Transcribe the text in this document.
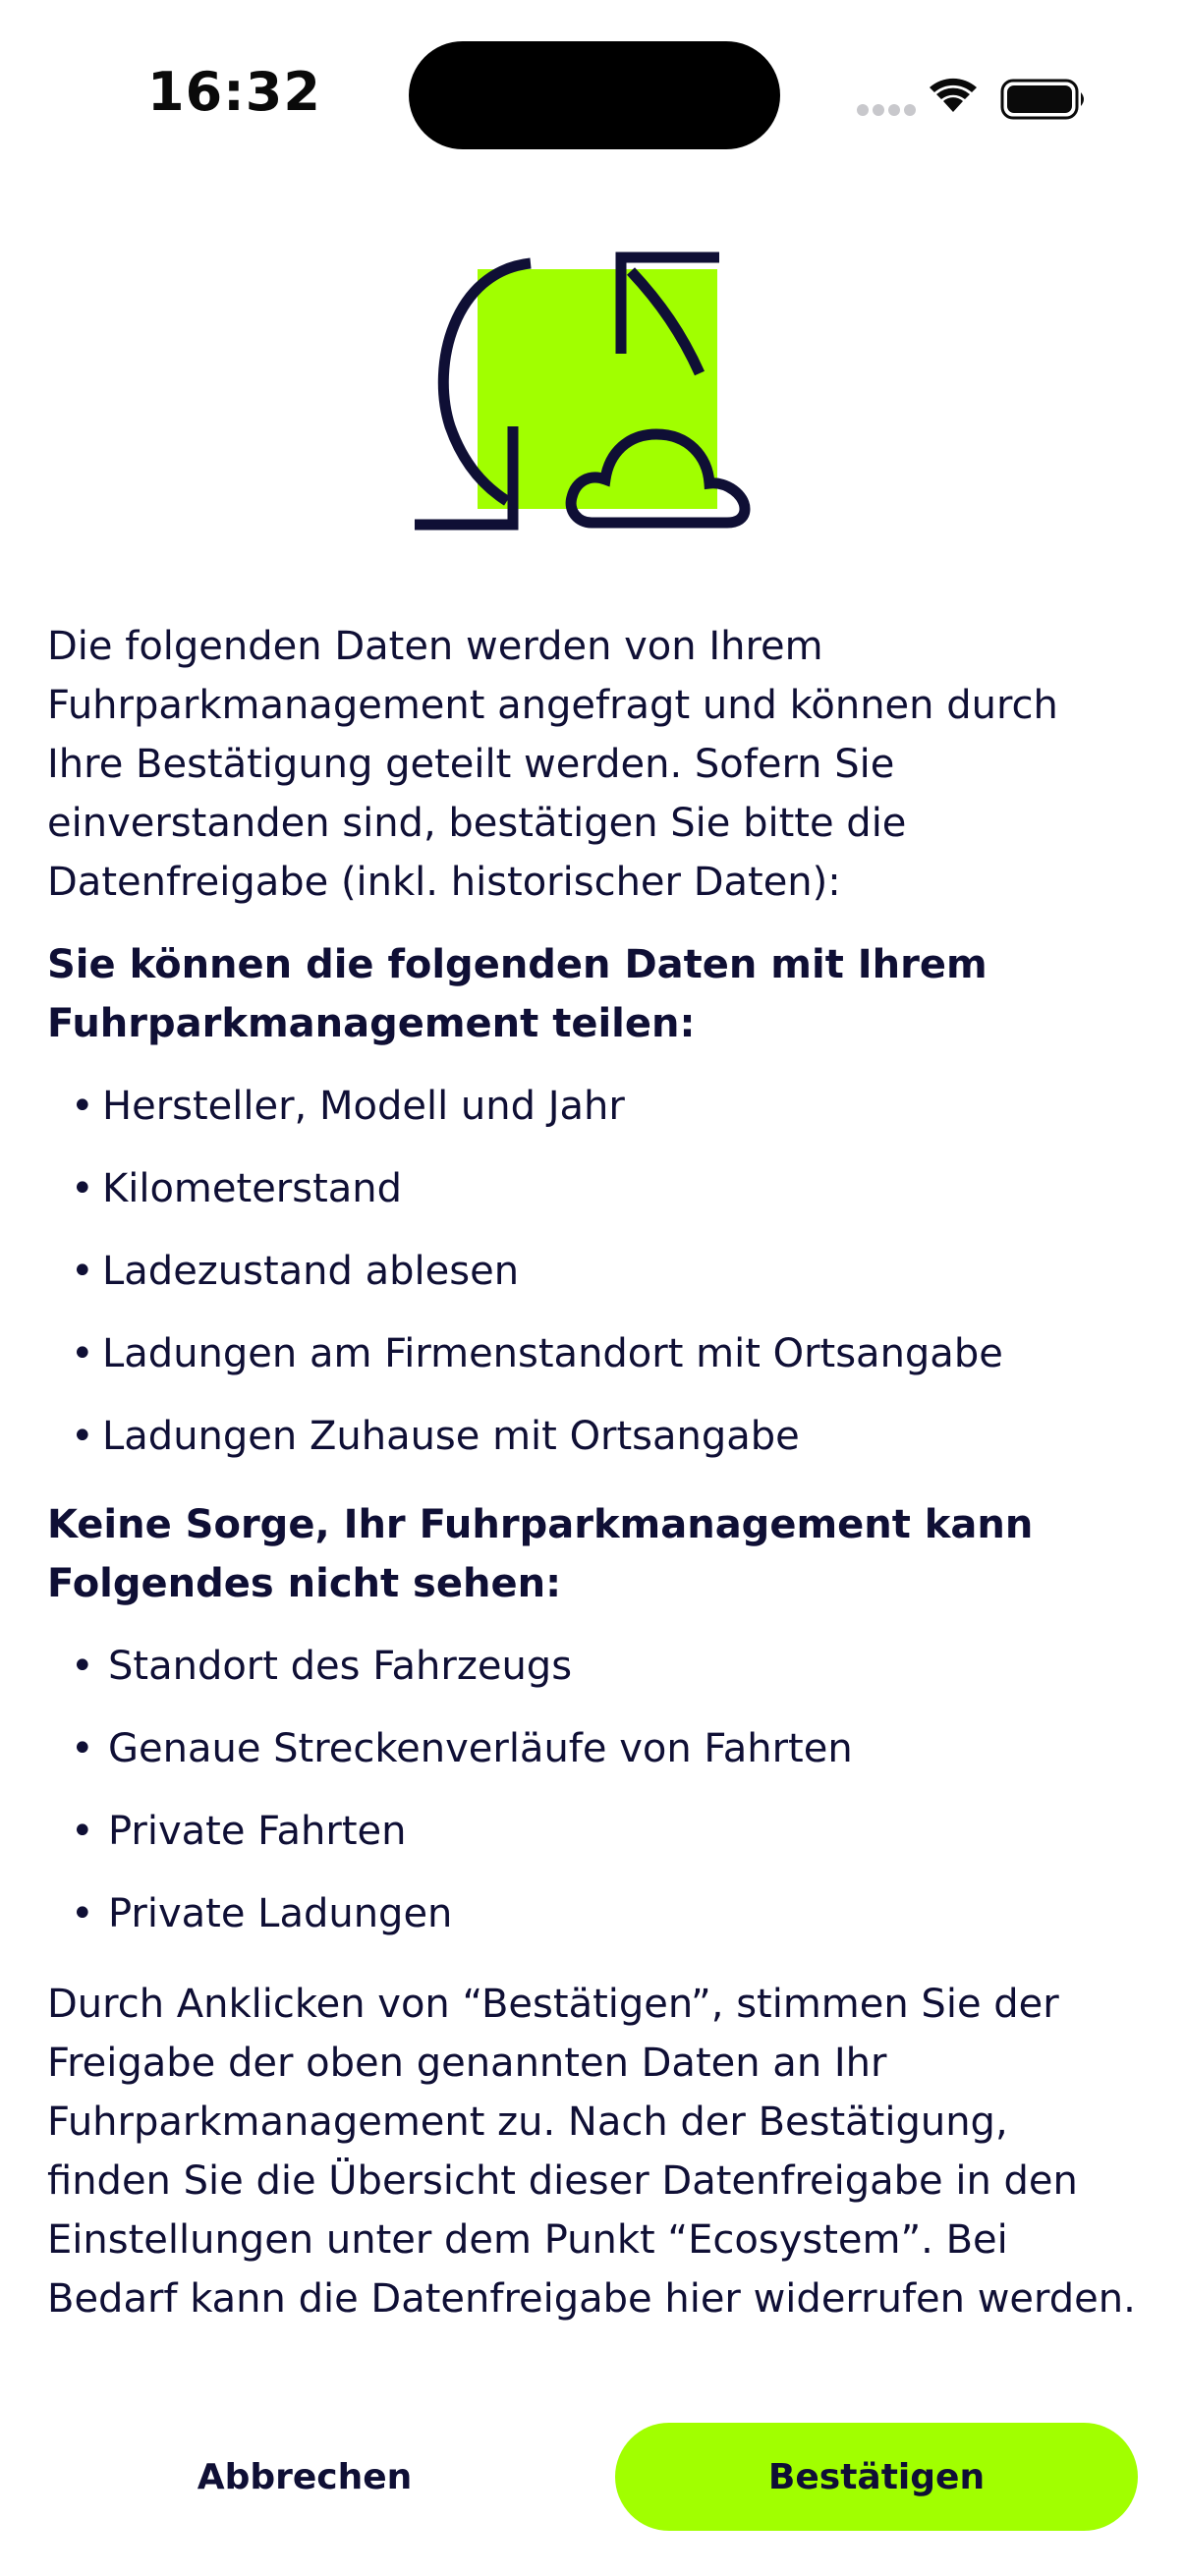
16:32

Die folgenden Daten werden von Ihrem Fuhrparkmanagement angefragt und können durch Ihre Bestätigung geteilt werden. Sofern Sie einverstanden sind, bestätigen Sie bitte die Datenfreigabe (inkl. historischer Daten):

Sie können die folgenden Daten mit Ihrem Fuhrparkmanagement teilen:

• Hersteller, Modell und Jahr
• Kilometerstand
• Ladezustand ablesen
• Ladungen am Firmenstandort mit Ortsangabe
• Ladungen Zuhause mit Ortsangabe

Keine Sorge, Ihr Fuhrparkmanagement kann Folgendes nicht sehen:

• Standort des Fahrzeugs
• Genaue Streckenverläufe von Fahrten
• Private Fahrten
• Private Ladungen

Durch Anklicken von “Bestätigen”, stimmen Sie der Freigabe der oben genannten Daten an Ihr Fuhrparkmanagement zu. Nach der Bestätigung, finden Sie die Übersicht dieser Datenfreigabe in den Einstellungen unter dem Punkt “Ecosystem”. Bei Bedarf kann die Datenfreigabe hier widerrufen werden.

Abbrechen	Bestätigen
